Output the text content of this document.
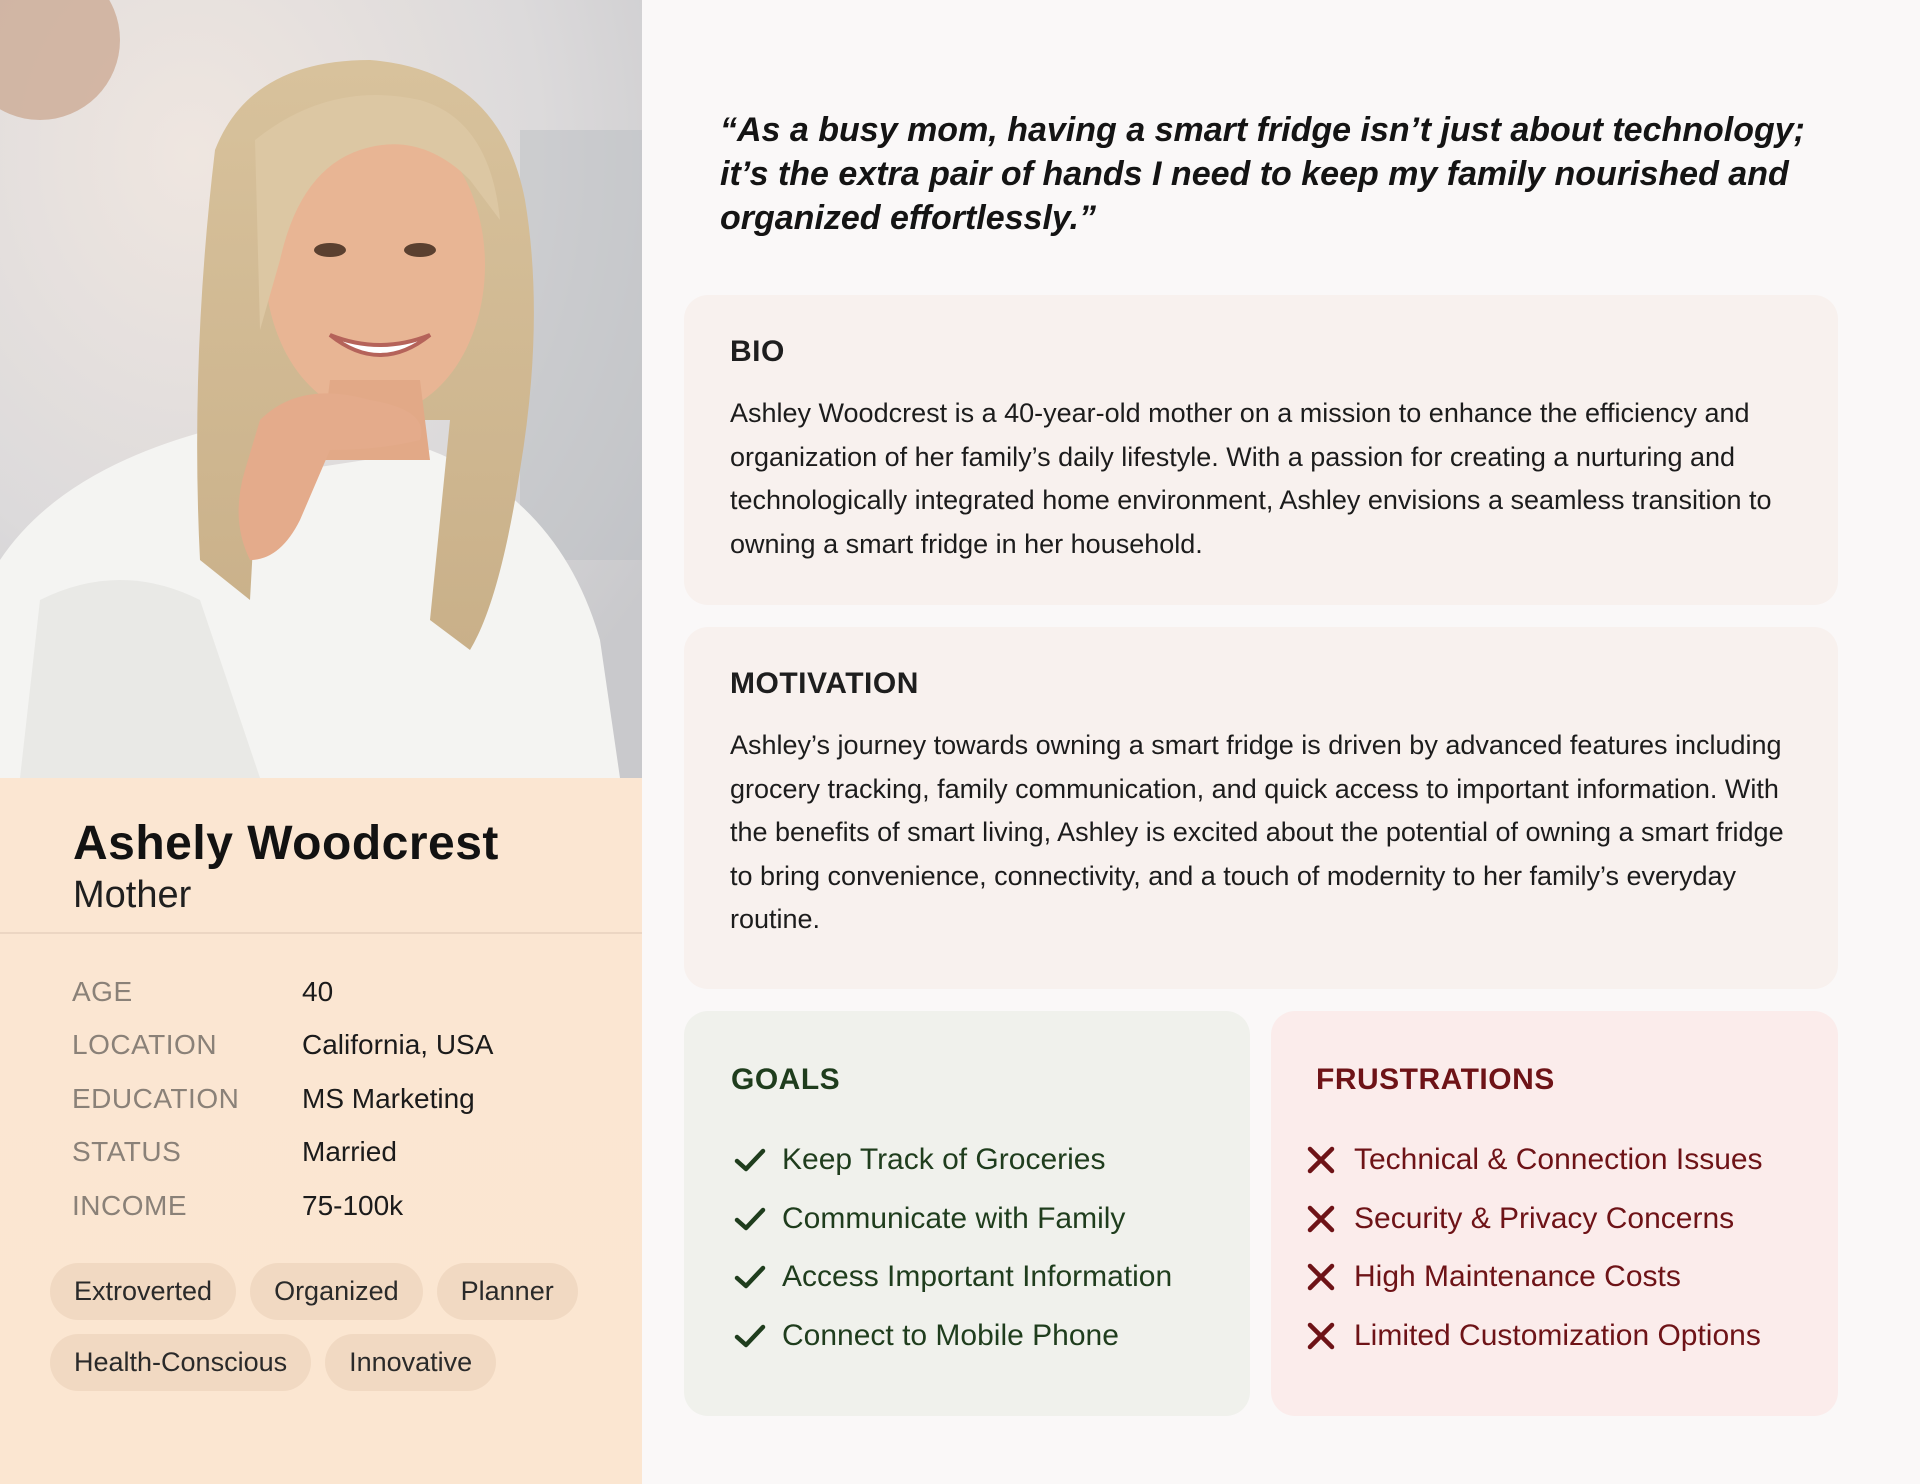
Ashely Woodcrest
Mother
AGE	40
LOCATION	California, USA
EDUCATION	MS Marketing
STATUS	Married
INCOME	75-100k
Extroverted	Organized	Planner
Health-Conscious	Innovative
“As a busy mom, having a smart fridge isn’t just about technology; it’s the extra pair of hands I need to keep my family nourished and organized effortlessly.”
BIO
Ashley Woodcrest is a 40-year-old mother on a mission to enhance the efficiency and organization of her family’s daily lifestyle. With a passion for creating a nurturing and technologically integrated home environment, Ashley envisions a seamless transition to owning a smart fridge in her household.
MOTIVATION
Ashley’s journey towards owning a smart fridge is driven by advanced features including grocery tracking, family communication, and quick access to important information. With the benefits of smart living, Ashley is excited about the potential of owning a smart fridge to bring convenience, connectivity, and a touch of modernity to her family’s everyday routine.
GOALS
Keep Track of Groceries
Communicate with Family
Access Important Information
Connect to Mobile Phone
FRUSTRATIONS
Technical & Connection Issues
Security & Privacy Concerns
High Maintenance Costs
Limited Customization Options
